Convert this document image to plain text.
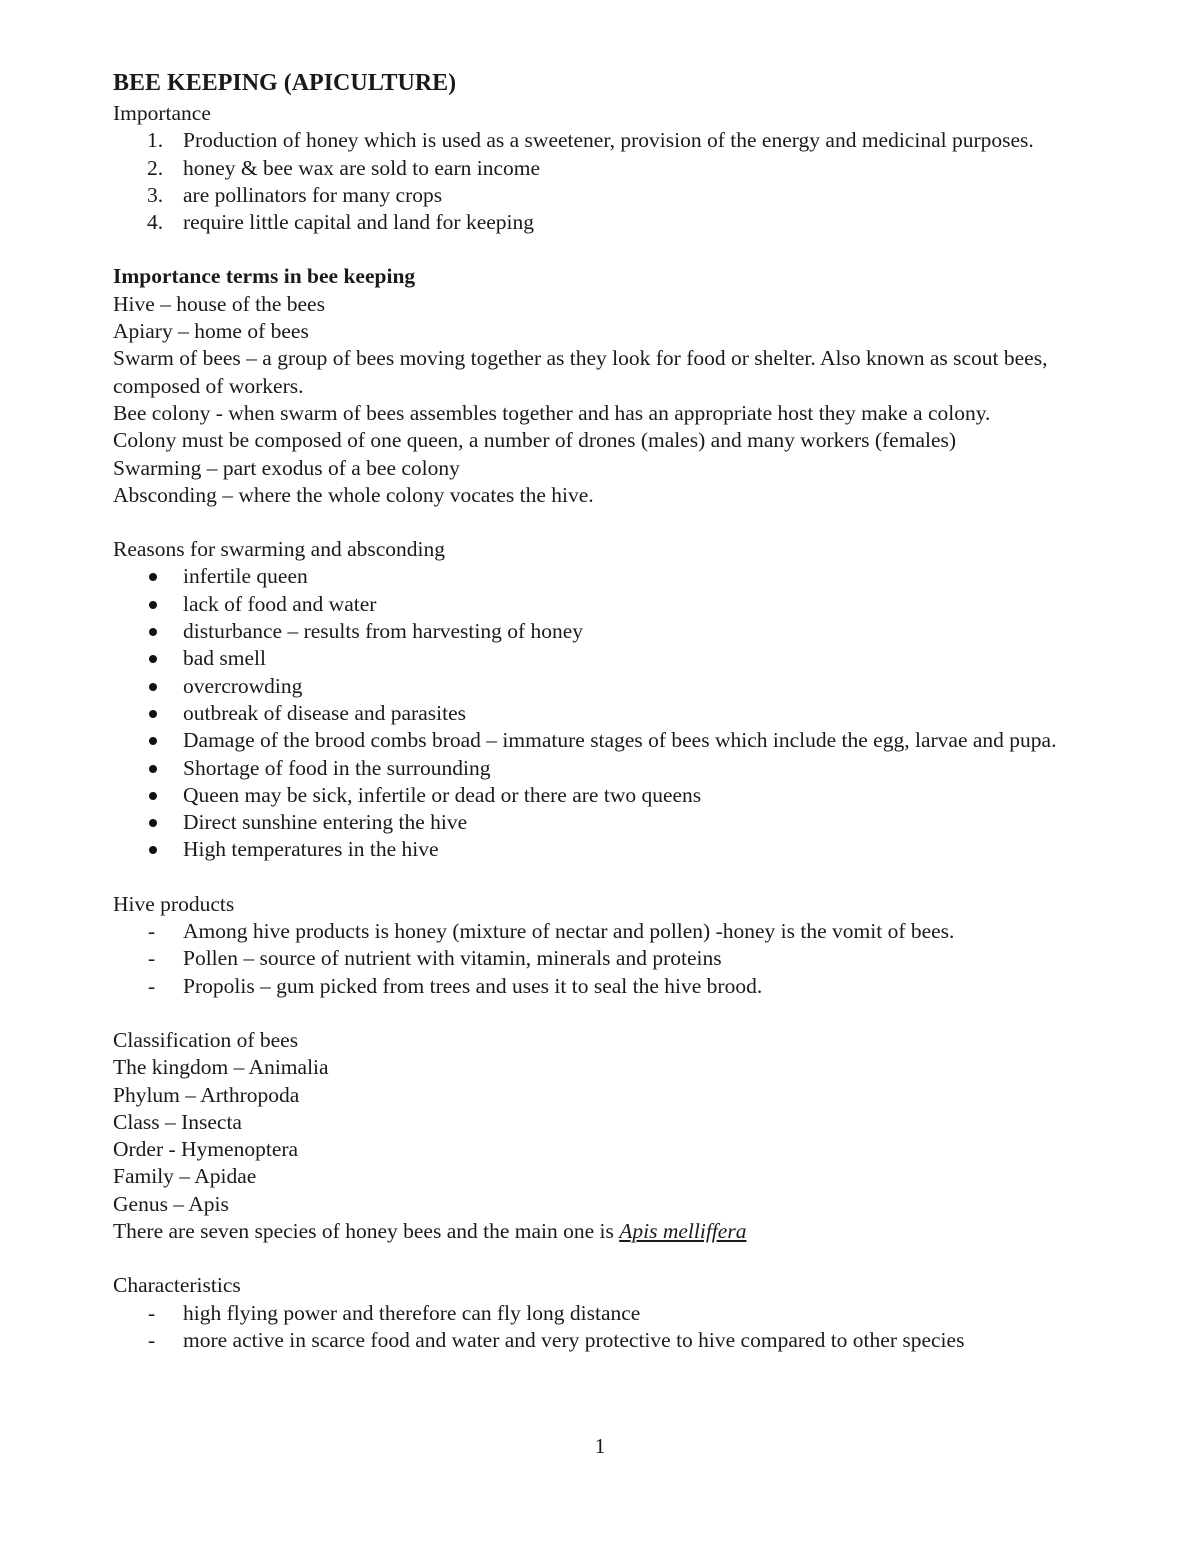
BEE KEEPING (APICULTURE)

Importance

1. Production of honey which is used as a sweetener, provision of the energy and medicinal purposes.
2. honey & bee wax are sold to earn income
3. are pollinators for many crops
4. require little capital and land for keeping

Importance terms in bee keeping

Hive – house of the bees

Apiary – home of bees

Swarm of bees – a group of bees moving together as they look for food or shelter. Also known as scout bees, composed of workers.

Bee colony - when swarm of bees assembles together and has an appropriate host they make a colony.

Colony must be composed of one queen, a number of drones (males) and many workers (females)

Swarming – part exodus of a bee colony

Absconding – where the whole colony vocates the hive.

Reasons for swarming and absconding

infertile queen
lack of food and water
disturbance – results from harvesting of honey
bad smell
overcrowding
outbreak of disease and parasites
Damage of the brood combs broad – immature stages of bees which include the egg, larvae and pupa.
Shortage of food in the surrounding
Queen may be sick, infertile or dead or there are two queens
Direct sunshine entering the hive
High temperatures in the hive

Hive products

- Among hive products is honey (mixture of nectar and pollen) -honey is the vomit of bees.
- Pollen – source of nutrient with vitamin, minerals and proteins
- Propolis – gum picked from trees and uses it to seal the hive brood.

Classification of bees

The kingdom – Animalia

Phylum – Arthropoda

Class – Insecta

Order - Hymenoptera

Family – Apidae

Genus – Apis

There are seven species of honey bees and the main one is Apis melliffera

Characteristics

- high flying power and therefore can fly long distance
- more active in scarce food and water and very protective to hive compared to other species
1
